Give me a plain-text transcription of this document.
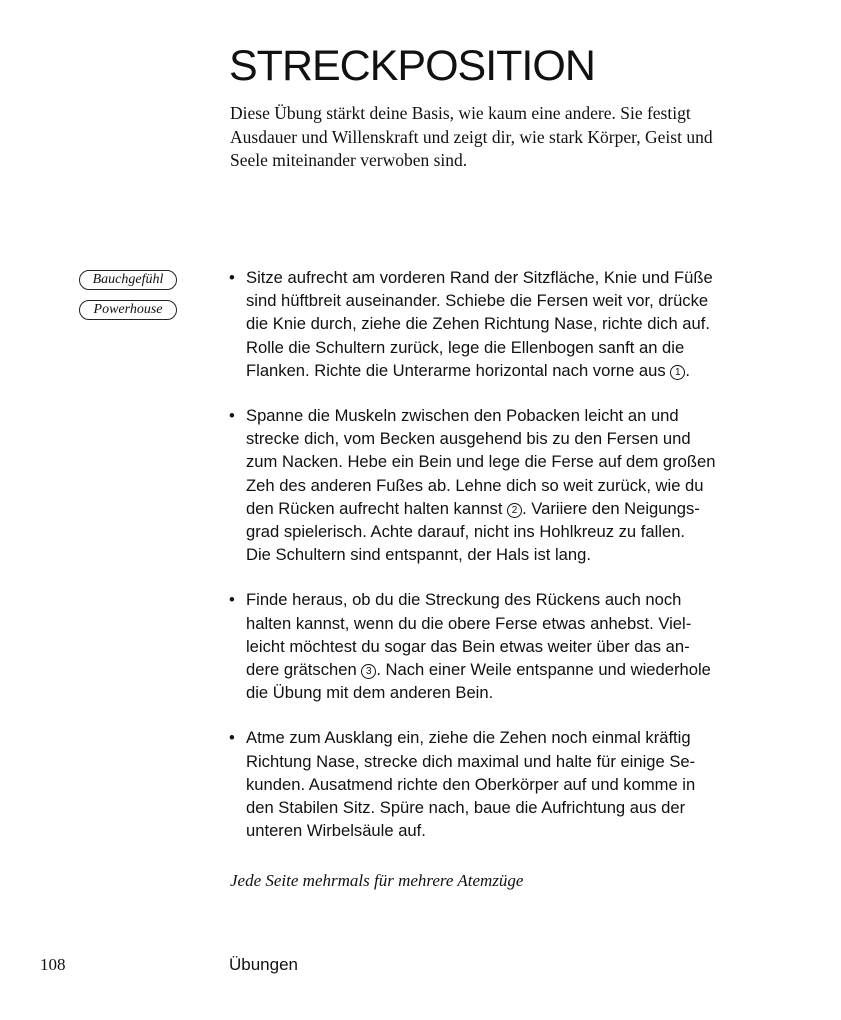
STRECKPOSITION

Diese Übung stärkt deine Basis, wie kaum eine andere. Sie festigt Ausdauer und Willenskraft und zeigt dir, wie stark Körper, Geist und Seele miteinander verwoben sind.

Bauchgefühl
Powerhouse
• Sitze aufrecht am vorderen Rand der Sitzfläche, Knie und Füße
sind hüftbreit auseinander. Schiebe die Fersen weit vor, drücke
die Knie durch, ziehe die Zehen Richtung Nase, richte dich auf.
Rolle die Schultern zurück, lege die Ellenbogen sanft an die
Flanken. Richte die Unterarme horizontal nach vorne aus 1 .
• Spanne die Muskeln zwischen den Pobacken leicht an und
strecke dich, vom Becken ausgehend bis zu den Fersen und
zum Nacken. Hebe ein Bein und lege die Ferse auf dem großen
Zeh des anderen Fußes ab. Lehne dich so weit zurück, wie du
den Rücken aufrecht halten kannst 2 . Variiere den Neigungs-
grad spielerisch. Achte darauf, nicht ins Hohlkreuz zu fallen.
Die Schultern sind entspannt, der Hals ist lang.
• Finde heraus, ob du die Streckung des Rückens auch noch
halten kannst, wenn du die obere Ferse etwas anhebst. Viel-
leicht möchtest du sogar das Bein etwas weiter über das an-
dere grätschen 3 . Nach einer Weile entspanne und wiederhole
die Übung mit dem anderen Bein.
• Atme zum Ausklang ein, ziehe die Zehen noch einmal kräftig
Richtung Nase, strecke dich maximal und halte für einige Se-
kunden. Ausatmend richte den Oberkörper auf und komme in
den Stabilen Sitz. Spüre nach, baue die Aufrichtung aus der
unteren Wirbelsäule auf.

Jede Seite mehrmals für mehrere Atemzüge

108	Übungen
